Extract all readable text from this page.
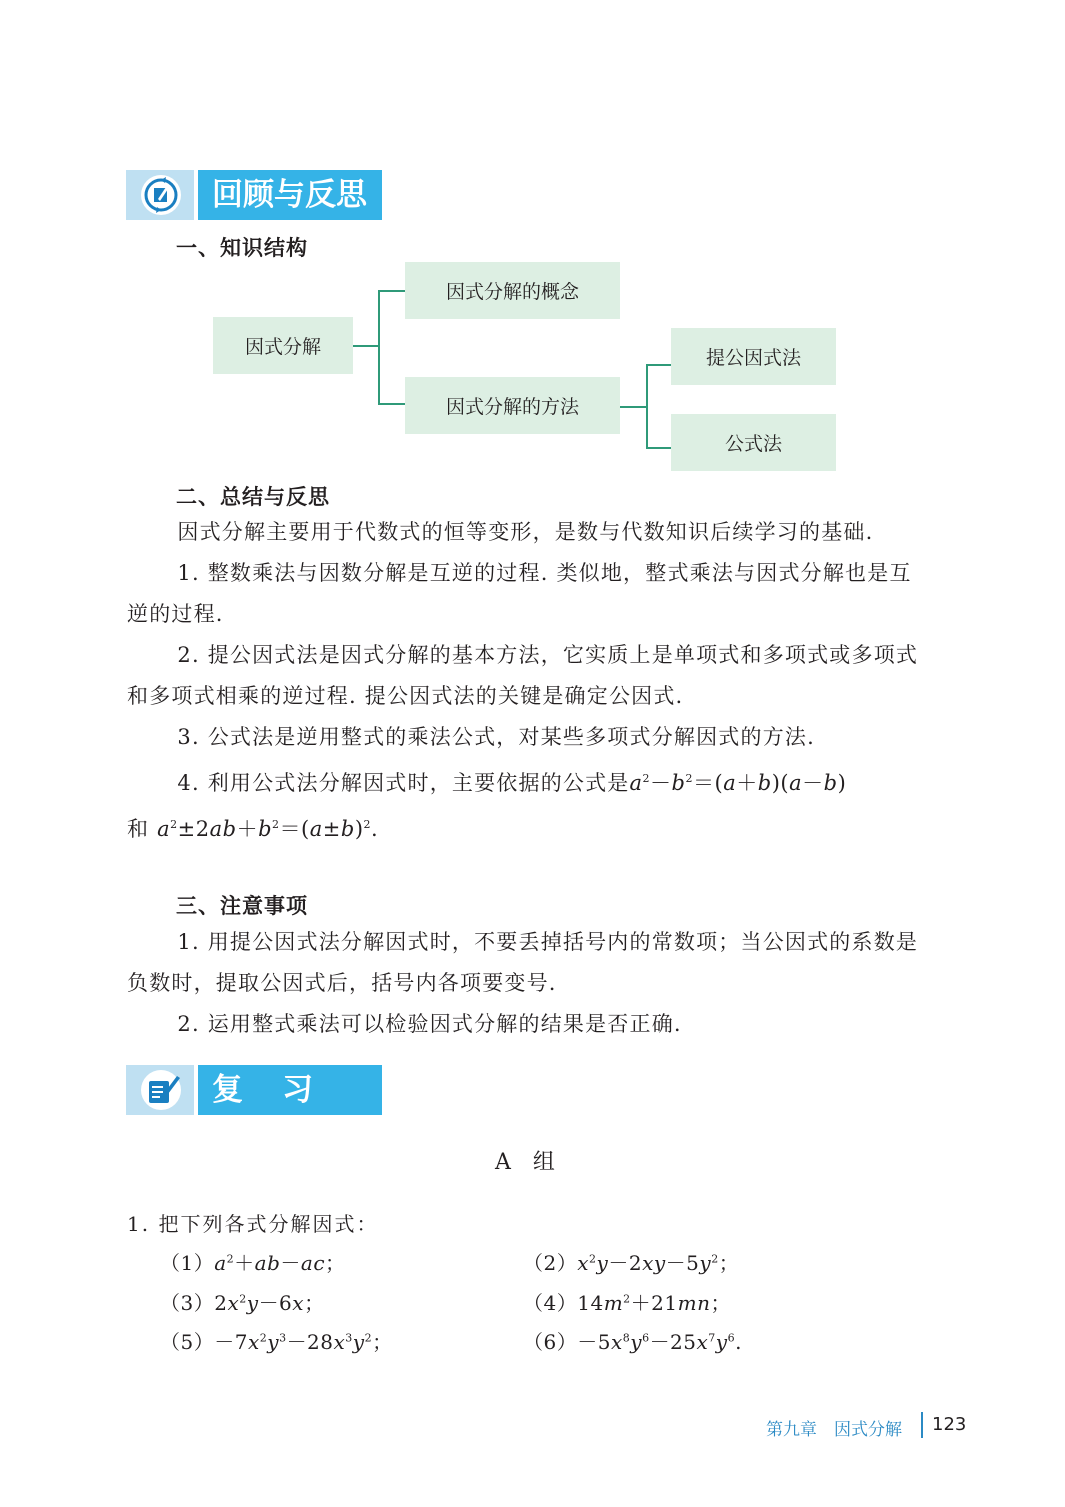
回顾与反思
一、知识结构
因式分解
因式分解的概念
因式分解的方法
提公因式法
公式法
二、总结与反思

因式分解主要用于代数式的恒等变形，是数与代数知识后续学习的基础.

1. 整数乘法与因数分解是互逆的过程. 类似地，整式乘法与因式分解也是互逆的过程.

2. 提公因式法是因式分解的基本方法，它实质上是单项式和多项式或多项式和多项式相乘的逆过程. 提公因式法的关键是确定公因式.

3. 公式法是逆用整式的乘法公式，对某些多项式分解因式的方法.

4. 利用公式法分解因式时，主要依据的公式是$a^2-b^2=(a+b)(a-b)$

和 $a^2\pm 2ab+b^2=(a\pm b)^2$.

三、注意事项

1. 用提公因式法分解因式时，不要丢掉括号内的常数项；当公因式的系数是负数时，提取公因式后，括号内各项要变号.

2. 运用整式乘法可以检验因式分解的结果是否正确.

复　习　题
A　组
1. 把下列各式分解因式：
$(1)a^2+ab-ac$；	$(2)x^2y-2xy-5y^2$；
$(3)2x^2y-6x$；	$(4)14m^2+21mn$；
$(5)-7x^2y^3-28x^3y^2$；	$(6)-5x^8y^6-25x^7y^6$.
第九章　因式分解 123
